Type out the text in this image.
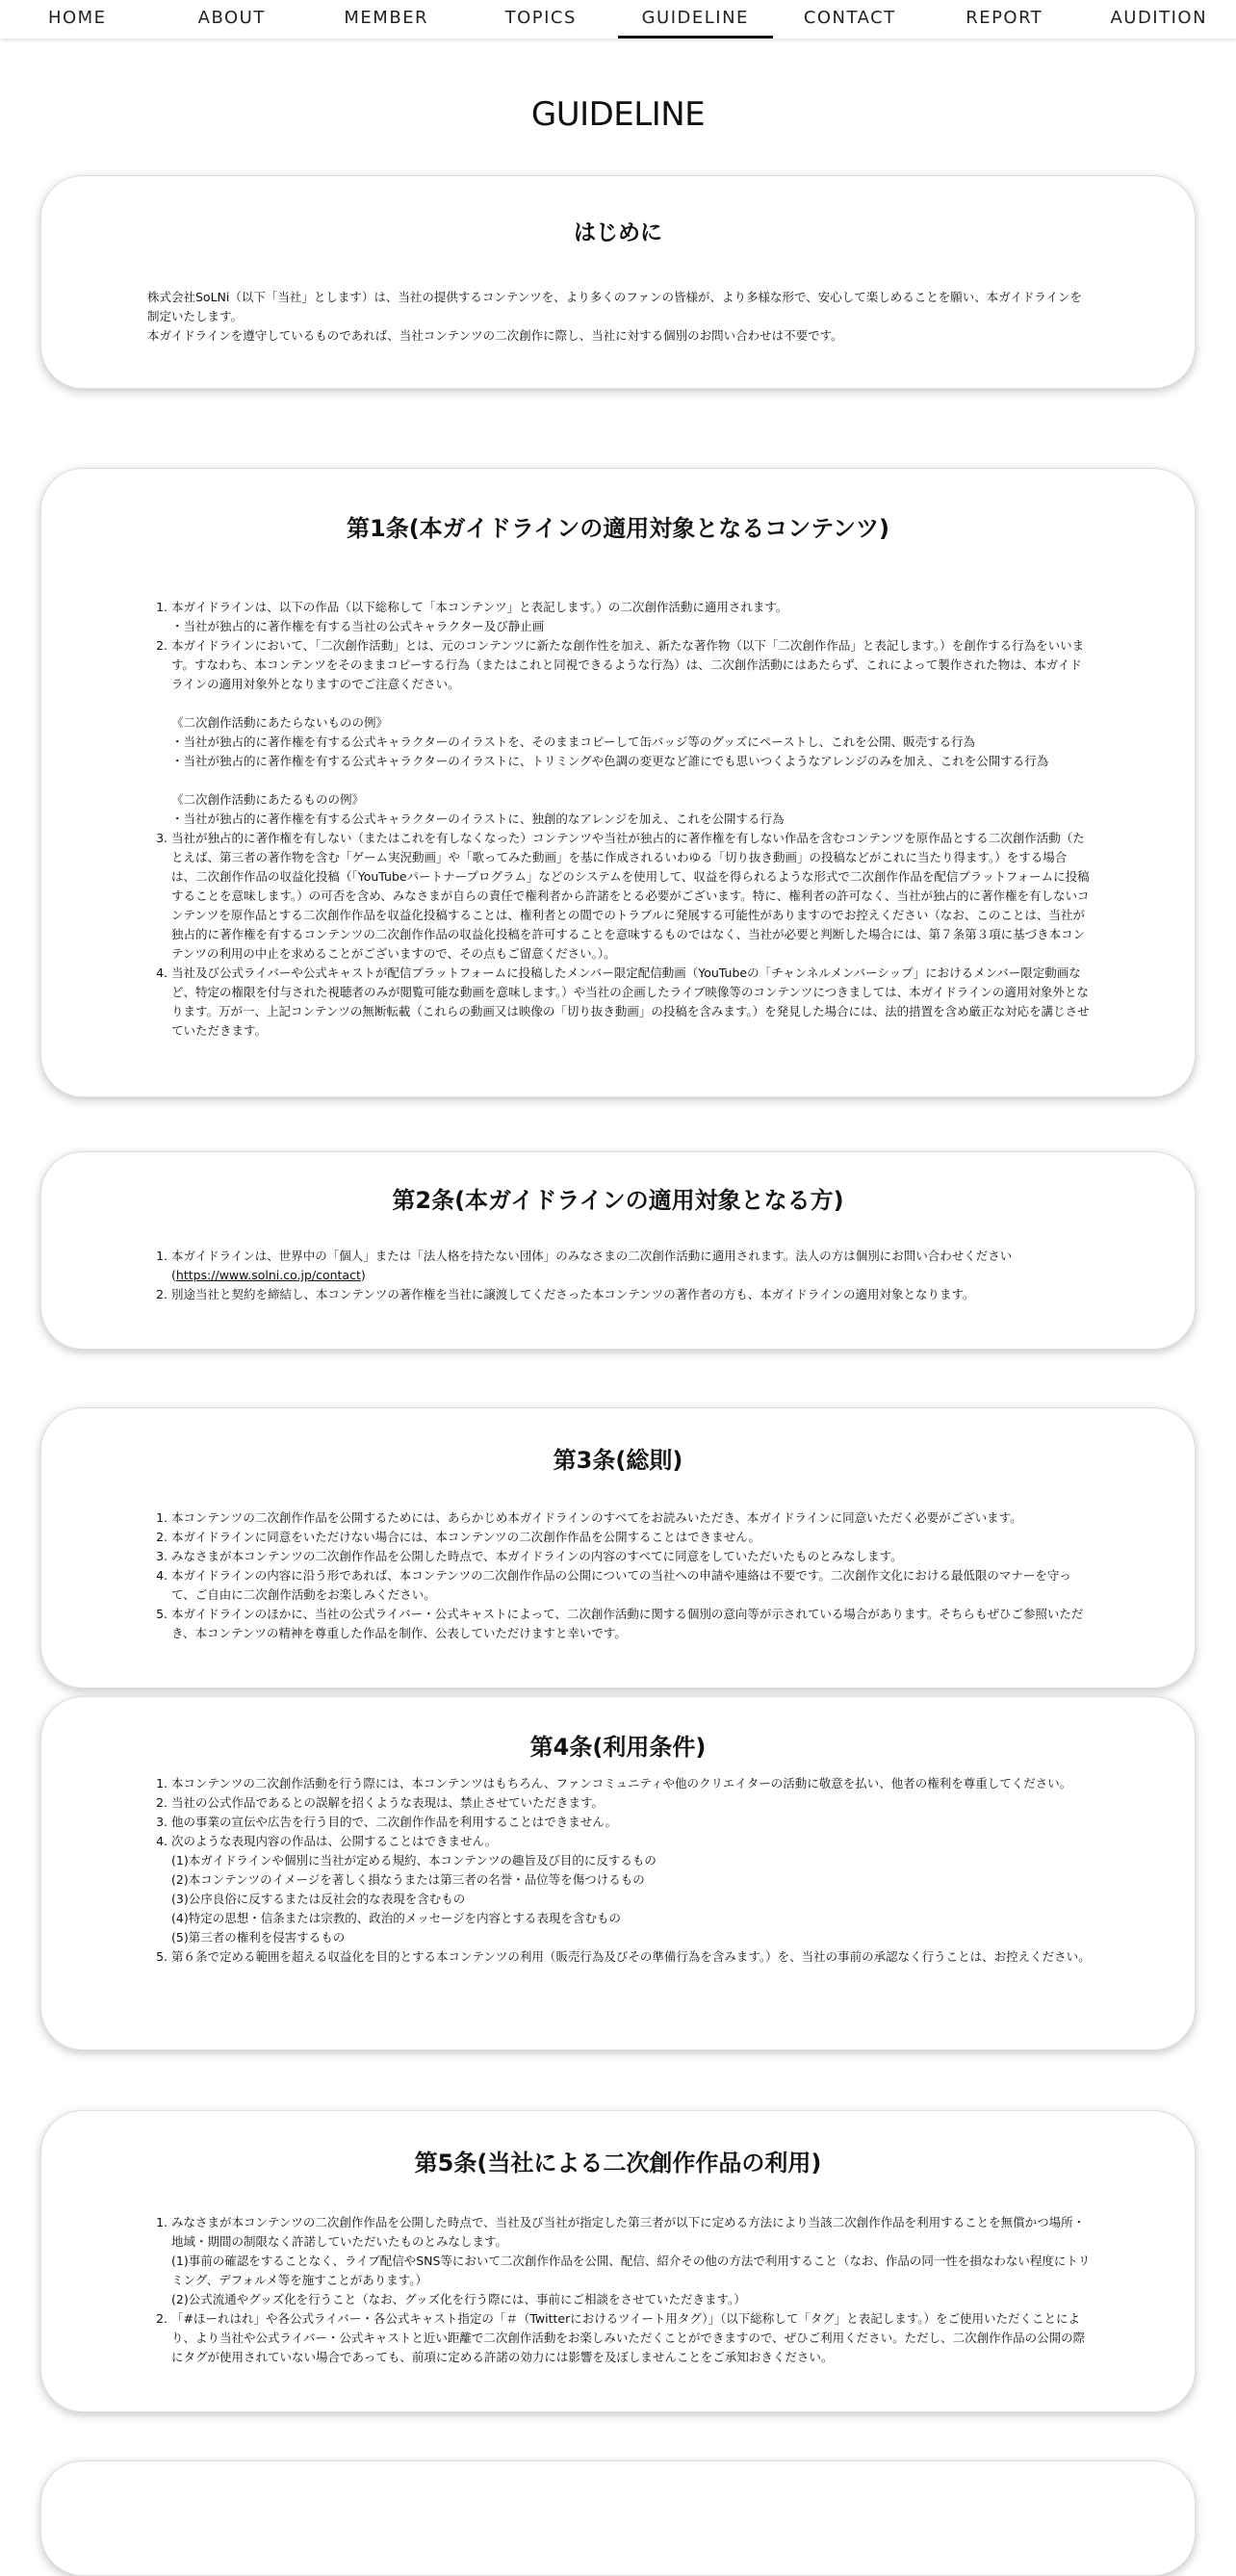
HOME	ABOUT	MEMBER	TOPICS	GUIDELINE	CONTACT	REPORT	AUDITION
GUIDELINE
はじめに

株式会社SoLNi（以下「当社」とします）は、当社の提供するコンテンツを、より多くのファンの皆様が、より多様な形で、安心して楽しめることを願い、本ガイドラインを制定いたします。

本ガイドラインを遵守しているものであれば、当社コンテンツの二次創作に際し、当社に対する個別のお問い合わせは不要です。

第1条(本ガイドラインの適用対象となるコンテンツ)
1. 本ガイドラインは、以下の作品（以下総称して「本コンテンツ」と表記します。）の二次創作活動に適用されます。

・当社が独占的に著作権を有する当社の公式キャラクター及び静止画

2. 本ガイドラインにおいて、「二次創作活動」とは、元のコンテンツに新たな創作性を加え、新たな著作物（以下「二次創作作品」と表記します。）を創作する行為をいいます。すなわち、本コンテンツをそのままコピーする行為（またはこれと同視できるような行為）は、二次創作活動にはあたらず、これによって製作された物は、本ガイドラインの適用対象外となりますのでご注意ください。

《二次創作活動にあたらないものの例》

・当社が独占的に著作権を有する公式キャラクターのイラストを、そのままコピーして缶バッジ等のグッズにペーストし、これを公開、販売する行為

・当社が独占的に著作権を有する公式キャラクターのイラストに、トリミングや色調の変更など誰にでも思いつくようなアレンジのみを加え、これを公開する行為

《二次創作活動にあたるものの例》

・当社が独占的に著作権を有する公式キャラクターのイラストに、独創的なアレンジを加え、これを公開する行為

3. 当社が独占的に著作権を有しない（またはこれを有しなくなった）コンテンツや当社が独占的に著作権を有しない作品を含むコンテンツを原作品とする二次創作活動（たとえば、第三者の著作物を含む「ゲーム実況動画」や「歌ってみた動画」を基に作成されるいわゆる「切り抜き動画」の投稿などがこれに当たり得ます。）をする場合は、二次創作作品の収益化投稿（「YouTubeパートナープログラム」などのシステムを使用して、収益を得られるような形式で二次創作作品を配信プラットフォームに投稿することを意味します。）の可否を含め、みなさまが自らの責任で権利者から許諾をとる必要がございます。特に、権利者の許可なく、当社が独占的に著作権を有しないコンテンツを原作品とする二次創作作品を収益化投稿することは、権利者との間でのトラブルに発展する可能性がありますのでお控えください（なお、このことは、当社が独占的に著作権を有するコンテンツの二次創作作品の収益化投稿を許可することを意味するものではなく、当社が必要と判断した場合には、第７条第３項に基づき本コンテンツの利用の中止を求めることがございますので、その点もご留意ください。）。
4. 当社及び公式ライバーや公式キャストが配信プラットフォームに投稿したメンバー限定配信動画（YouTubeの「チャンネルメンバーシップ」におけるメンバー限定動画など、特定の権限を付与された視聴者のみが閲覧可能な動画を意味します。）や当社の企画したライブ映像等のコンテンツにつきましては、本ガイドラインの適用対象外となります。万が一、上記コンテンツの無断転載（これらの動画又は映像の「切り抜き動画」の投稿を含みます。）を発見した場合には、法的措置を含め厳正な対応を講じさせていただきます。
第2条(本ガイドラインの適用対象となる方)
1. 本ガイドラインは、世界中の「個人」または「法人格を持たない団体」のみなさまの二次創作活動に適用されます。法人の方は個別にお問い合わせください
(https://www.solni.co.jp/contact)
2. 別途当社と契約を締結し、本コンテンツの著作権を当社に譲渡してくださった本コンテンツの著作者の方も、本ガイドラインの適用対象となります。
第3条(総則)
1. 本コンテンツの二次創作作品を公開するためには、あらかじめ本ガイドラインのすべてをお読みいただき、本ガイドラインに同意いただく必要がございます。
2. 本ガイドラインに同意をいただけない場合には、本コンテンツの二次創作作品を公開することはできません。
3. みなさまが本コンテンツの二次創作作品を公開した時点で、本ガイドラインの内容のすべてに同意をしていただいたものとみなします。
4. 本ガイドラインの内容に沿う形であれば、本コンテンツの二次創作作品の公開についての当社への申請や連絡は不要です。二次創作文化における最低限のマナーを守って、ご自由に二次創作活動をお楽しみください。
5. 本ガイドラインのほかに、当社の公式ライバー・公式キャストによって、二次創作活動に関する個別の意向等が示されている場合があります。そちらもぜひご参照いただき、本コンテンツの精神を尊重した作品を制作、公表していただけますと幸いです。
第4条(利用条件)
1. 本コンテンツの二次創作活動を行う際には、本コンテンツはもちろん、ファンコミュニティや他のクリエイターの活動に敬意を払い、他者の権利を尊重してください。
2. 当社の公式作品であるとの誤解を招くような表現は、禁止させていただきます。
3. 他の事業の宣伝や広告を行う目的で、二次創作作品を利用することはできません。
4. 次のような表現内容の作品は、公開することはできません。

(1)本ガイドラインや個別に当社が定める規約、本コンテンツの趣旨及び目的に反するもの

(2)本コンテンツのイメージを著しく損なうまたは第三者の名誉・品位等を傷つけるもの

(3)公序良俗に反するまたは反社会的な表現を含むもの

(4)特定の思想・信条または宗教的、政治的メッセージを内容とする表現を含むもの

(5)第三者の権利を侵害するもの

5. 第６条で定める範囲を超える収益化を目的とする本コンテンツの利用（販売行為及びその準備行為を含みます。）を、当社の事前の承認なく行うことは、お控えください。
第5条(当社による二次創作作品の利用)
1. みなさまが本コンテンツの二次創作作品を公開した時点で、当社及び当社が指定した第三者が以下に定める方法により当該二次創作作品を利用することを無償かつ場所・地域・期間の制限なく許諾していただいたものとみなします。

(1)事前の確認をすることなく、ライブ配信やSNS等において二次創作作品を公開、配信、紹介その他の方法で利用すること（なお、作品の同一性を損なわない程度にトリミング、デフォルメ等を施すことがあります。）

(2)公式流通やグッズ化を行うこと（なお、グッズ化を行う際には、事前にご相談をさせていただきます。）

2. 「#ほーれはれ」や各公式ライバー・各公式キャスト指定の「＃（Twitterにおけるツイート用タグ）」（以下総称して「タグ」と表記します。）をご使用いただくことにより、より当社や公式ライバー・公式キャストと近い距離で二次創作活動をお楽しみいただくことができますので、ぜひご利用ください。ただし、二次創作作品の公開の際にタグが使用されていない場合であっても、前項に定める許諾の効力には影響を及ぼしませんことをご承知おきください。
